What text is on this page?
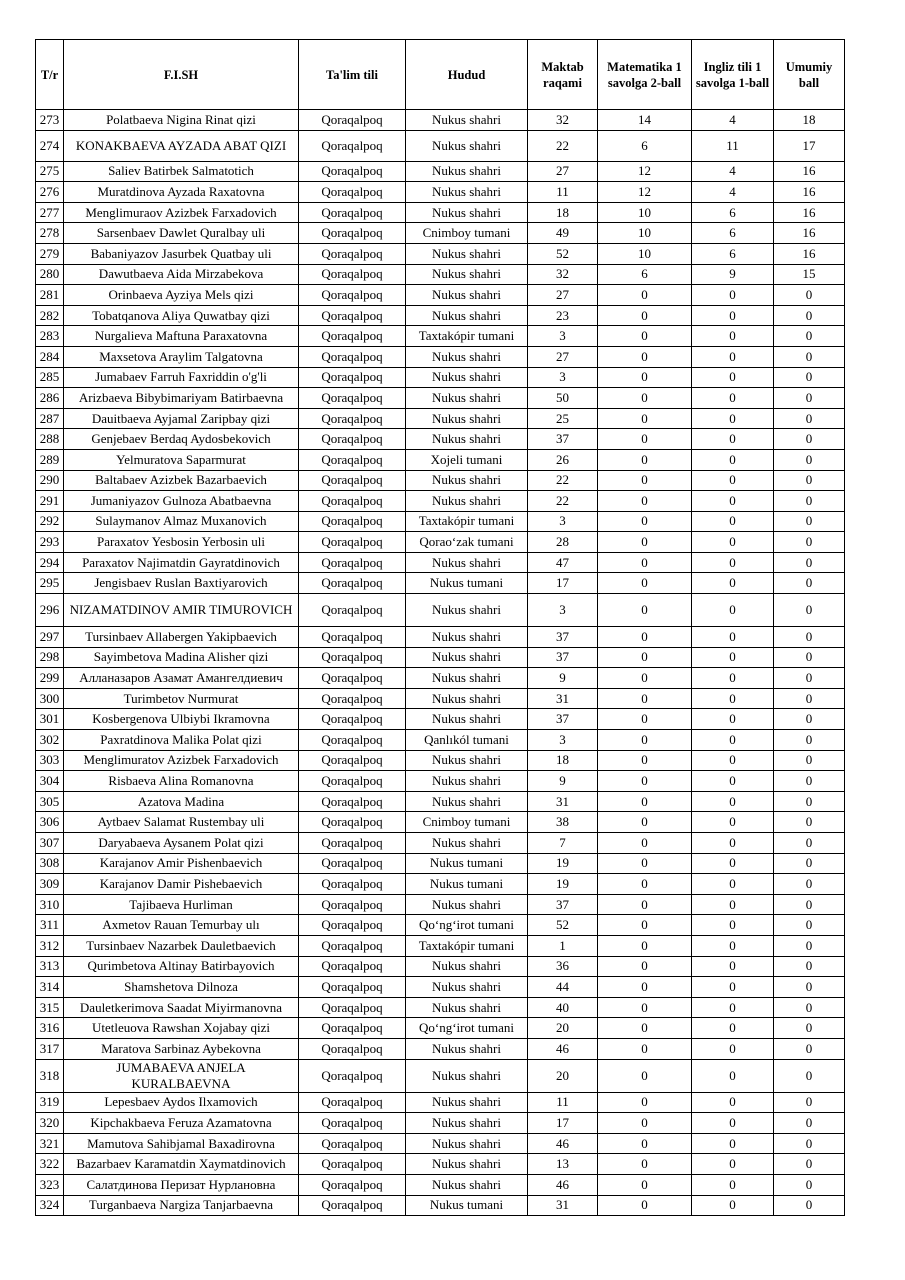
T/r	F.I.SH	Ta'lim tili	Hudud	Maktab raqami	Matematika 1 savolga 2-ball	Ingliz tili 1 savolga 1-ball	Umumiy ball
273	Polatbaeva Nigina Rinat qizi	Qoraqalpoq	Nukus shahri	32	14	4	18
274	KONAKBAEVA AYZADA ABAT QIZI	Qoraqalpoq	Nukus shahri	22	6	11	17
275	Saliev Batirbek Salmatotich	Qoraqalpoq	Nukus shahri	27	12	4	16
276	Muratdinova Ayzada Raxatovna	Qoraqalpoq	Nukus shahri	11	12	4	16
277	Menglimuraov Azizbek Farxadovich	Qoraqalpoq	Nukus shahri	18	10	6	16
278	Sarsenbaev Dawlet Quralbay uli	Qoraqalpoq	Cnimboy tumani	49	10	6	16
279	Babaniyazov Jasurbek Quatbay uli	Qoraqalpoq	Nukus shahri	52	10	6	16
280	Dawutbaeva Aida Mirzabekova	Qoraqalpoq	Nukus shahri	32	6	9	15
281	Orinbaeva Ayziya Mels qizi	Qoraqalpoq	Nukus shahri	27	0	0	0
282	Tobatqanova Aliya Quwatbay qizi	Qoraqalpoq	Nukus shahri	23	0	0	0
283	Nurgalieva Maftuna Paraxatovna	Qoraqalpoq	Taxtakópir tumani	3	0	0	0
284	Maxsetova Araylim Talgatovna	Qoraqalpoq	Nukus shahri	27	0	0	0
285	Jumabaev Farruh Faxriddin o'g'li	Qoraqalpoq	Nukus shahri	3	0	0	0
286	Arizbaeva Bibybimariyam Batirbaevna	Qoraqalpoq	Nukus shahri	50	0	0	0
287	Dauitbaeva Ayjamal Zaripbay qizi	Qoraqalpoq	Nukus shahri	25	0	0	0
288	Genjebaev Berdaq Aydosbekovich	Qoraqalpoq	Nukus shahri	37	0	0	0
289	Yelmuratova Saparmurat	Qoraqalpoq	Xojeli tumani	26	0	0	0
290	Baltabaev Azizbek Bazarbaevich	Qoraqalpoq	Nukus shahri	22	0	0	0
291	Jumaniyazov Gulnoza Abatbaevna	Qoraqalpoq	Nukus shahri	22	0	0	0
292	Sulaymanov Almaz Muxanovich	Qoraqalpoq	Taxtakópir tumani	3	0	0	0
293	Paraxatov Yesbosin Yerbosin uli	Qoraqalpoq	Qorao‘zak tumani	28	0	0	0
294	Paraxatov Najimatdin Gayratdinovich	Qoraqalpoq	Nukus shahri	47	0	0	0
295	Jengisbaev Ruslan Baxtiyarovich	Qoraqalpoq	Nukus tumani	17	0	0	0
296	NIZAMATDINOV AMIR TIMUROVICH	Qoraqalpoq	Nukus shahri	3	0	0	0
297	Tursinbaev Allabergen Yakipbaevich	Qoraqalpoq	Nukus shahri	37	0	0	0
298	Sayimbetova Madina Alisher qizi	Qoraqalpoq	Nukus shahri	37	0	0	0
299	Алланазаров Азамат Амангелдиевич	Qoraqalpoq	Nukus shahri	9	0	0	0
300	Turimbetov Nurmurat	Qoraqalpoq	Nukus shahri	31	0	0	0
301	Kosbergenova Ulbiybi Ikramovna	Qoraqalpoq	Nukus shahri	37	0	0	0
302	Paxratdinova Malika Polat qizi	Qoraqalpoq	Qanlıkól tumani	3	0	0	0
303	Menglimuratov Azizbek Farxadovich	Qoraqalpoq	Nukus shahri	18	0	0	0
304	Risbaeva Alina Romanovna	Qoraqalpoq	Nukus shahri	9	0	0	0
305	Azatova Madina	Qoraqalpoq	Nukus shahri	31	0	0	0
306	Aytbaev Salamat Rustembay uli	Qoraqalpoq	Cnimboy tumani	38	0	0	0
307	Daryabaeva Aysanem Polat qizi	Qoraqalpoq	Nukus shahri	7	0	0	0
308	Karajanov Amir Pishenbaevich	Qoraqalpoq	Nukus tumani	19	0	0	0
309	Karajanov Damir Pishebaevich	Qoraqalpoq	Nukus tumani	19	0	0	0
310	Tajibaeva Hurliman	Qoraqalpoq	Nukus shahri	37	0	0	0
311	Axmetov Rauan Temurbay ulı	Qoraqalpoq	Qo‘ng‘irot tumani	52	0	0	0
312	Tursinbaev Nazarbek Dauletbaevich	Qoraqalpoq	Taxtakópir tumani	1	0	0	0
313	Qurimbetova Altinay Batirbayovich	Qoraqalpoq	Nukus shahri	36	0	0	0
314	Shamshetova Dilnoza	Qoraqalpoq	Nukus shahri	44	0	0	0
315	Dauletkerimova Saadat Miyirmanovna	Qoraqalpoq	Nukus shahri	40	0	0	0
316	Utetleuova Rawshan Xojabay qizi	Qoraqalpoq	Qo‘ng‘irot tumani	20	0	0	0
317	Maratova Sarbinaz Aybekovna	Qoraqalpoq	Nukus shahri	46	0	0	0
318	JUMABAEVA ANJELA KURALBAEVNA	Qoraqalpoq	Nukus shahri	20	0	0	0
319	Lepesbaev Aydos Ilxamovich	Qoraqalpoq	Nukus shahri	11	0	0	0
320	Kipchakbaeva Feruza Azamatovna	Qoraqalpoq	Nukus shahri	17	0	0	0
321	Mamutova Sahibjamal Baxadirovna	Qoraqalpoq	Nukus shahri	46	0	0	0
322	Bazarbaev Karamatdin Xaymatdinovich	Qoraqalpoq	Nukus shahri	13	0	0	0
323	Салатдинова Перизат Нурлановна	Qoraqalpoq	Nukus shahri	46	0	0	0
324	Turganbaeva Nargiza Tanjarbaevna	Qoraqalpoq	Nukus tumani	31	0	0	0
